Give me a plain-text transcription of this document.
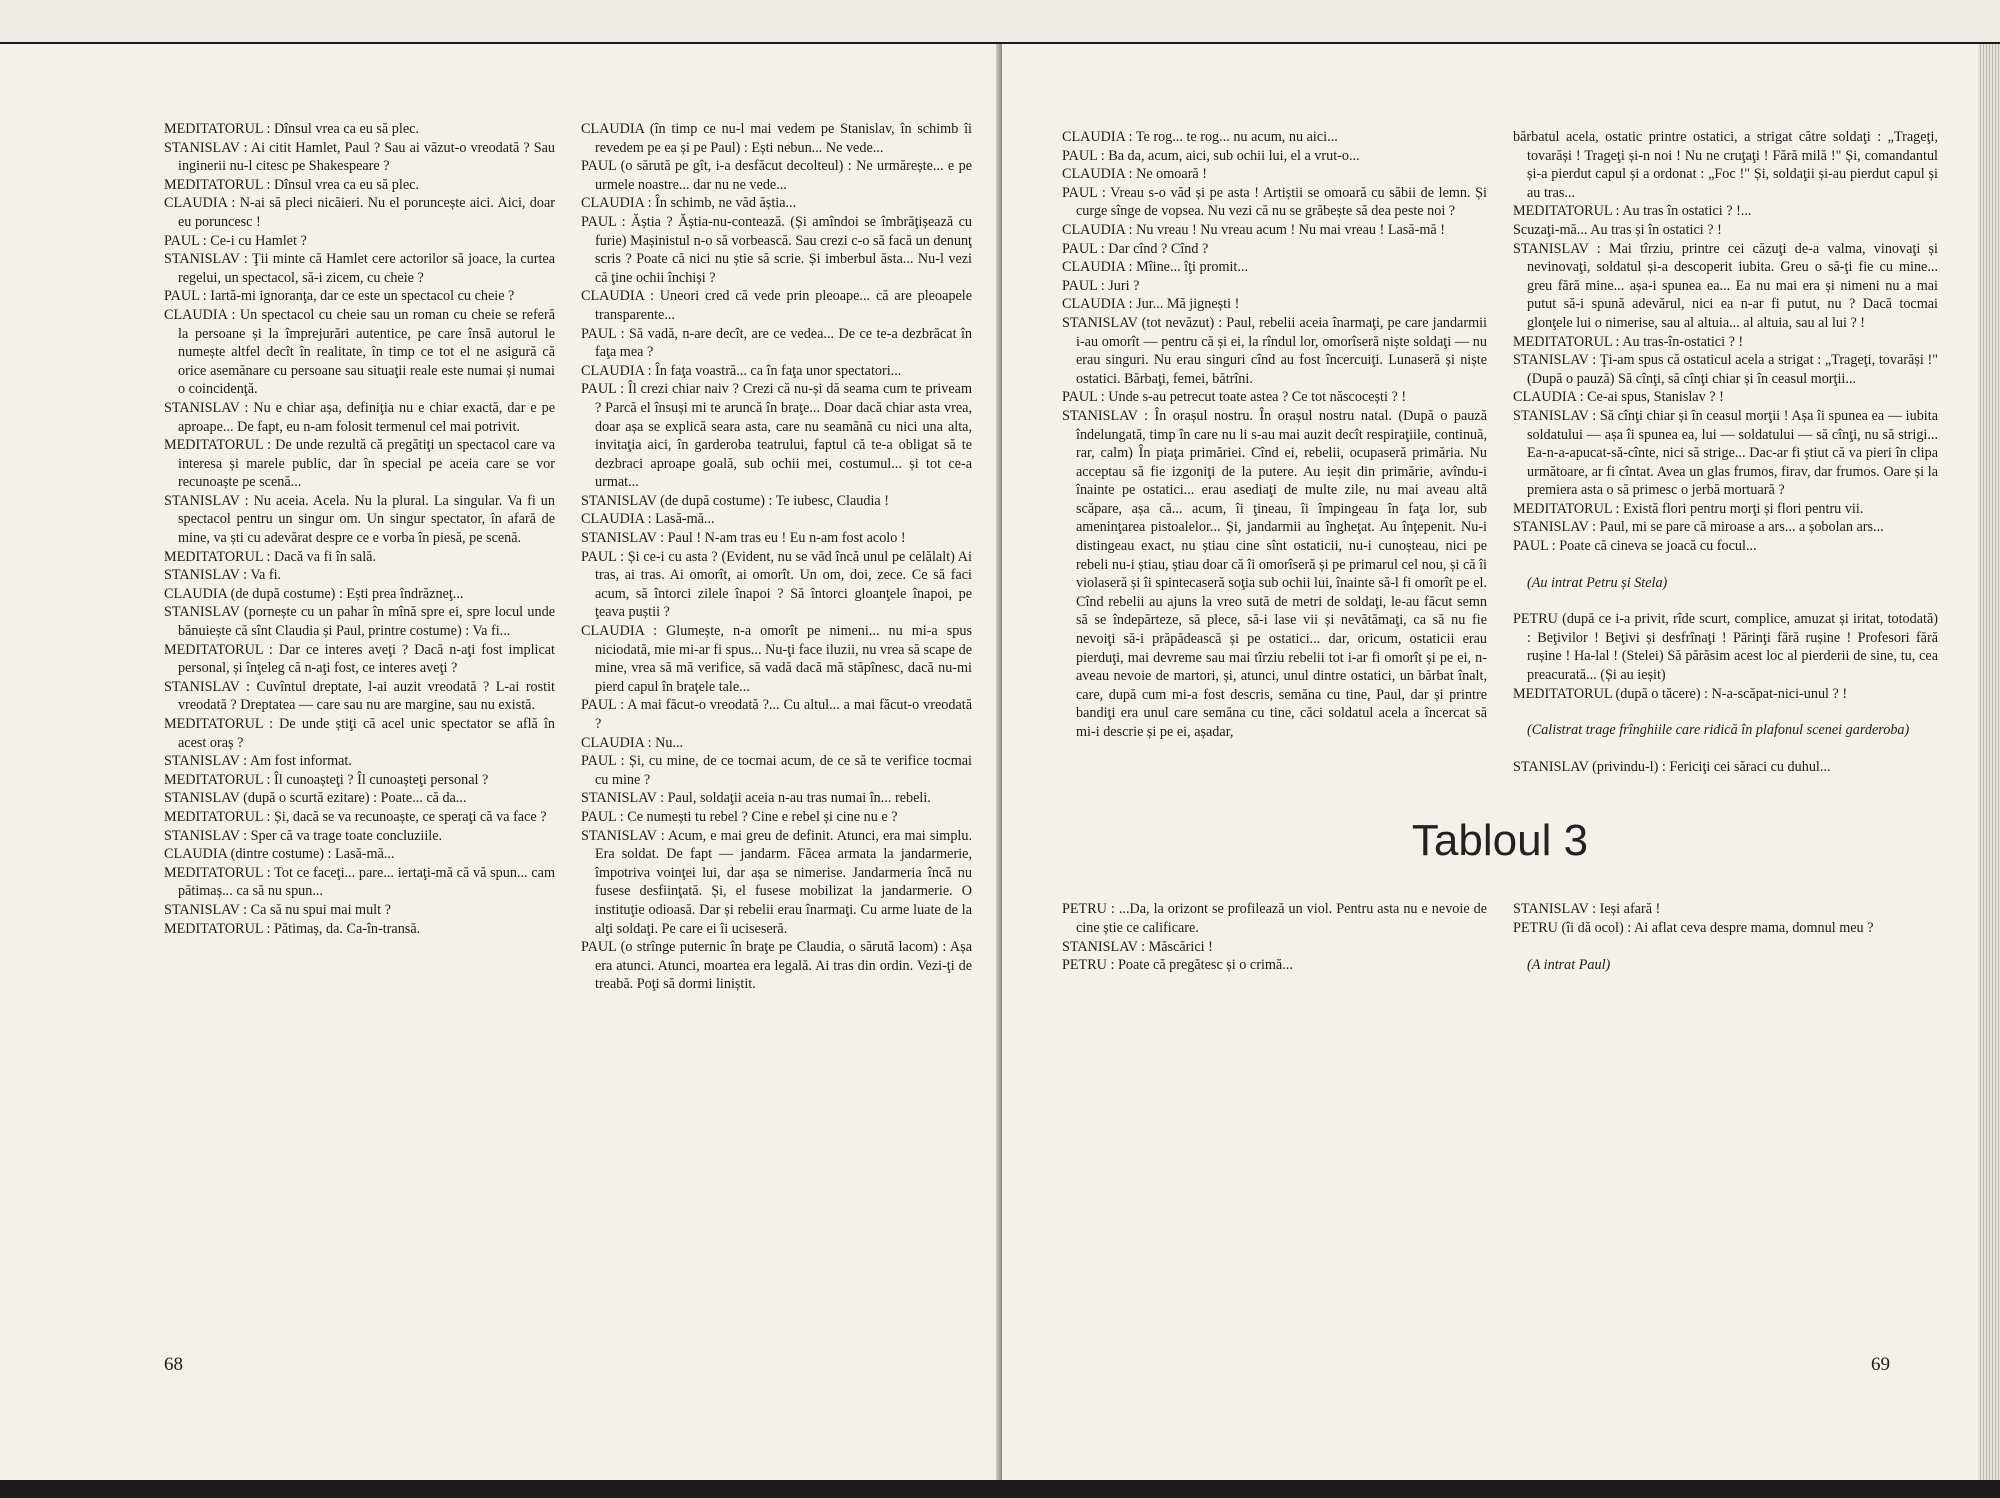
MEDITATORUL : Dînsul vrea ca eu să plec.

STANISLAV : Ai citit Hamlet, Paul ? Sau ai văzut-o vreodată ? Sau inginerii nu-l citesc pe Shakespeare ?

MEDITATORUL : Dînsul vrea ca eu să plec.

CLAUDIA : N-ai să pleci nicăieri. Nu el poruncește aici. Aici, doar eu poruncesc !

PAUL : Ce-i cu Hamlet ?

STANISLAV : Ţii minte că Hamlet cere actorilor să joace, la curtea regelui, un spectacol, să-i zicem, cu cheie ?

PAUL : Iartă-mi ignoranţa, dar ce este un spectacol cu cheie ?

CLAUDIA : Un spectacol cu cheie sau un roman cu cheie se referă la persoane și la împrejurări autentice, pe care însă autorul le numește altfel decît în realitate, în timp ce tot el ne asigură că orice asemănare cu persoane sau situaţii reale este numai și numai o coincidenţă.

STANISLAV : Nu e chiar așa, definiţia nu e chiar exactă, dar e pe aproape... De fapt, eu n-am folosit termenul cel mai potrivit.

MEDITATORUL : De unde rezultă că pregătiţi un spectacol care va interesa și marele public, dar în special pe aceia care se vor recunoaște pe scenă...

STANISLAV : Nu aceia. Acela. Nu la plural. La singular. Va fi un spectacol pentru un singur om. Un singur spectator, în afară de mine, va ști cu adevărat despre ce e vorba în piesă, pe scenă.

MEDITATORUL : Dacă va fi în sală.

STANISLAV : Va fi.

CLAUDIA (de după costume) : Ești prea îndrăzneţ...

STANISLAV (pornește cu un pahar în mînă spre ei, spre locul unde bănuiește că sînt Claudia și Paul, printre costume) : Va fi...

MEDITATORUL : Dar ce interes aveţi ? Dacă n-aţi fost implicat personal, și înţeleg că n-aţi fost, ce interes aveţi ?

STANISLAV : Cuvîntul dreptate, l-ai auzit vreodată ? L-ai rostit vreodată ? Dreptatea — care sau nu are margine, sau nu există.

MEDITATORUL : De unde știţi că acel unic spectator se află în acest oraș ?

STANISLAV : Am fost informat.

MEDITATORUL : Îl cunoașteţi ? Îl cunoașteţi personal ?

STANISLAV (după o scurtă ezitare) : Poate... că da...

MEDITATORUL : Și, dacă se va recunoaște, ce speraţi că va face ?

STANISLAV : Sper că va trage toate concluziile.

CLAUDIA (dintre costume) : Lasă-mă...

MEDITATORUL : Tot ce faceţi... pare... iertaţi-mă că vă spun... cam pătimaș... ca să nu spun...

STANISLAV : Ca să nu spui mai mult ?

MEDITATORUL : Pătimaș, da. Ca-în-transă.

CLAUDIA (în timp ce nu-l mai vedem pe Stanislav, în schimb îi revedem pe ea și pe Paul) : Ești nebun... Ne vede...

PAUL (o sărută pe gît, i-a desfăcut decolteul) : Ne urmărește... e pe urmele noastre... dar nu ne vede...

CLAUDIA : În schimb, ne văd ăștia...

PAUL : Ăștia ? Ăștia-nu-contează. (Și amîndoi se îmbrăţișează cu furie) Mașinistul n-o să vorbească. Sau crezi c-o să facă un denunţ scris ? Poate că nici nu știe să scrie. Și imberbul ăsta... Nu-l vezi că ţine ochii închiși ?

CLAUDIA : Uneori cred că vede prin pleoape... că are pleoapele transparente...

PAUL : Să vadă, n-are decît, are ce vedea... De ce te-a dezbrăcat în faţa mea ?

CLAUDIA : În faţa voastră... ca în faţa unor spectatori...

PAUL : Îl crezi chiar naiv ? Crezi că nu-și dă seama cum te priveam ? Parcă el însuși mi te aruncă în braţe... Doar dacă chiar asta vrea, doar așa se explică seara asta, care nu seamănă cu nici una alta, invitaţia aici, în garderoba teatrului, faptul că te-a obligat să te dezbraci aproape goală, sub ochii mei, costumul... și tot ce-a urmat...

STANISLAV (de după costume) : Te iubesc, Claudia !

CLAUDIA : Lasă-mă...

STANISLAV : Paul ! N-am tras eu ! Eu n-am fost acolo !

PAUL : Și ce-i cu asta ? (Evident, nu se văd încă unul pe celălalt) Ai tras, ai tras. Ai omorît, ai omorît. Un om, doi, zece. Ce să faci acum, să întorci zilele înapoi ? Să întorci gloanţele înapoi, pe ţeava puștii ?

CLAUDIA : Glumește, n-a omorît pe nimeni... nu mi-a spus niciodată, mie mi-ar fi spus... Nu-ţi face iluzii, nu vrea să scape de mine, vrea să mă verifice, să vadă dacă mă stăpînesc, dacă nu-mi pierd capul în braţele tale...

PAUL : A mai făcut-o vreodată ?... Cu altul... a mai făcut-o vreodată ?

CLAUDIA : Nu...

PAUL : Și, cu mine, de ce tocmai acum, de ce să te verifice tocmai cu mine ?

STANISLAV : Paul, soldaţii aceia n-au tras numai în... rebeli.

PAUL : Ce numești tu rebel ? Cine e rebel și cine nu e ?

STANISLAV : Acum, e mai greu de definit. Atunci, era mai simplu. Era soldat. De fapt — jandarm. Făcea armata la jandarmerie, împotriva voinţei lui, dar așa se nimerise. Jandarmeria încă nu fusese desfiinţată. Și, el fusese mobilizat la jandarmerie. O instituţie odioasă. Dar și rebelii erau înarmaţi. Cu arme luate de la alţi soldaţi. Pe care ei îi uciseseră.

PAUL (o strînge puternic în braţe pe Claudia, o sărută lacom) : Așa era atunci. Atunci, moartea era legală. Ai tras din ordin. Vezi-ţi de treabă. Poţi să dormi liniștit.

68

CLAUDIA : Te rog... te rog... nu acum, nu aici...

PAUL : Ba da, acum, aici, sub ochii lui, el a vrut-o...

CLAUDIA : Ne omoară !

PAUL : Vreau s-o văd și pe asta ! Artiștii se omoară cu săbii de lemn. Și curge sînge de vopsea. Nu vezi că nu se grăbește să dea peste noi ?

CLAUDIA : Nu vreau ! Nu vreau acum ! Nu mai vreau ! Lasă-mă !

PAUL : Dar cînd ? Cînd ?

CLAUDIA : Mîine... îţi promit...

PAUL : Juri ?

CLAUDIA : Jur... Mă jignești !

STANISLAV (tot nevăzut) : Paul, rebelii aceia înarmaţi, pe care jandarmii i-au omorît — pentru că și ei, la rîndul lor, omorîseră niște soldaţi — nu erau singuri. Nu erau singuri cînd au fost încercuiţi. Lunaseră și niște ostatici. Bărbaţi, femei, bătrîni.

PAUL : Unde s-au petrecut toate astea ? Ce tot născocești ? !

STANISLAV : În orașul nostru. În orașul nostru natal. (După o pauză îndelungată, timp în care nu li s-au mai auzit decît respiraţiile, continuă, rar, calm) În piaţa primăriei. Cînd ei, rebelii, ocupaseră primăria. Nu acceptau să fie izgoniţi de la putere. Au ieșit din primărie, avîndu-i înainte pe ostatici... erau asediaţi de multe zile, nu mai aveau altă scăpare, așa că... acum, îi ţineau, îi împingeau în faţa lor, sub ameninţarea pistoalelor... Și, jandarmii au îngheţat. Au înţepenit. Nu-i distingeau exact, nu știau cine sînt ostaticii, nu-i cunoșteau, nici pe rebeli nu-i știau, știau doar că îi omorîseră și pe primarul cel nou, și că îi violaseră și îi spintecaseră soţia sub ochii lui, înainte să-l fi omorît pe el. Cînd rebelii au ajuns la vreo sută de metri de soldaţi, le-au făcut semn să se îndepărteze, să plece, să-i lase vii și nevătămaţi, ca să nu fie nevoiţi să-i prăpădească și pe ostatici... dar, oricum, ostaticii erau pierduţi, mai devreme sau mai tîrziu rebelii tot i-ar fi omorît și pe ei, n-aveau nevoie de martori, și, atunci, unul dintre ostatici, un bărbat înalt, care, după cum mi-a fost descris, semăna cu tine, Paul, dar și printre bandiţi era unul care semăna cu tine, căci soldatul acela a încercat să mi-i descrie și pe ei, așadar,

bărbatul acela, ostatic printre ostatici, a strigat către soldaţi : „Trageţi, tovarăși ! Trageţi și-n noi ! Nu ne cruţaţi ! Fără milă !" Și, comandantul și-a pierdut capul și a ordonat : „Foc !" Și, soldaţii și-au pierdut capul și au tras...

MEDITATORUL : Au tras în ostatici ? !...

Scuzaţi-mă... Au tras și în ostatici ? !

STANISLAV : Mai tîrziu, printre cei căzuţi de-a valma, vinovaţi și nevinovaţi, soldatul și-a descoperit iubita. Greu o să-ţi fie cu mine... greu fără mine... așa-i spunea ea... Ea nu mai era și nimeni nu a mai putut să-i spună adevărul, nici ea n-ar fi putut, nu ? Dacă tocmai glonţele lui o nimerise, sau al altuia... al altuia, sau al lui ? !

MEDITATORUL : Au tras-în-ostatici ? !

STANISLAV : Ţi-am spus că ostaticul acela a strigat : „Trageţi, tovarăși !" (După o pauză) Să cînţi, să cînţi chiar și în ceasul morţii...

CLAUDIA : Ce-ai spus, Stanislav ? !

STANISLAV : Să cînţi chiar și în ceasul morţii ! Așa îi spunea ea — iubita soldatului — așa îi spunea ea, lui — soldatului — să cînţi, nu să strigi... Ea-n-a-apucat-să-cînte, nici să strige... Dac-ar fi știut că va pieri în clipa următoare, ar fi cîntat. Avea un glas frumos, firav, dar frumos. Oare și la premiera asta o să primesc o jerbă mortuară ?

MEDITATORUL : Există flori pentru morţi și flori pentru vii.

STANISLAV : Paul, mi se pare că miroase a ars... a șobolan ars...

PAUL : Poate că cineva se joacă cu focul...

(Au intrat Petru și Stela)

PETRU (după ce i-a privit, rîde scurt, complice, amuzat și iritat, totodată) : Beţivilor ! Beţivi și desfrînaţi ! Părinţi fără rușine ! Profesori fără rușine ! Ha-lal ! (Stelei) Să părăsim acest loc al pierderii de sine, tu, cea preacurată... (Și au ieșit)

MEDITATORUL (după o tăcere) : N-a-scăpat-nici-unul ? !

(Calistrat trage frînghiile care ridică în plafonul scenei garderoba)

STANISLAV (privindu-l) : Fericiţi cei săraci cu duhul...

Tabloul 3

PETRU : ...Da, la orizont se profilează un viol. Pentru asta nu e nevoie de cine știe ce calificare.

STANISLAV : Măscărici !

PETRU : Poate că pregătesc și o crimă...

STANISLAV : Ieși afară !

PETRU (îi dă ocol) : Ai aflat ceva despre mama, domnul meu ?

(A intrat Paul)

69
